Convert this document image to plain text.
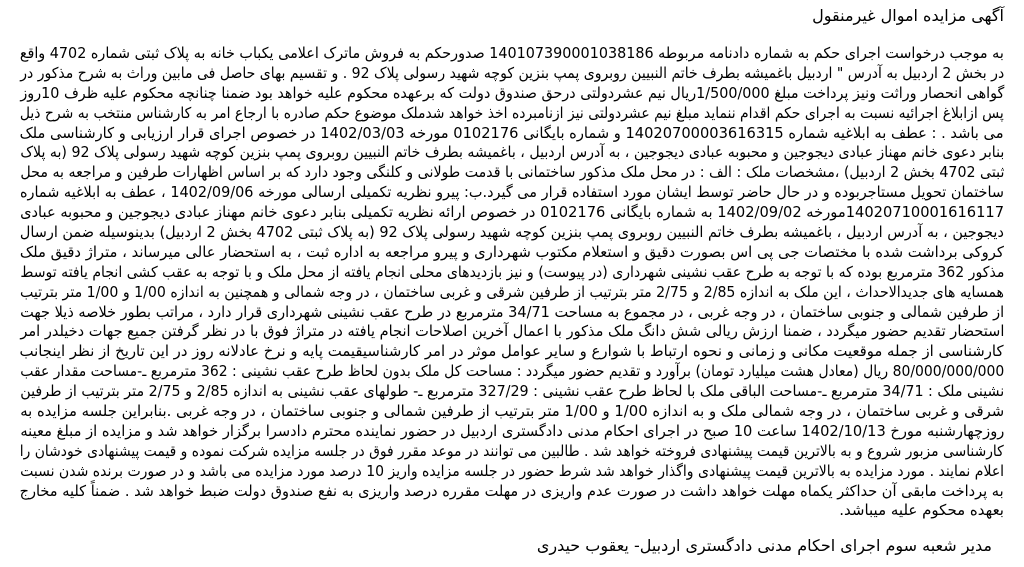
آگهی مزایده اموال غیرمنقول
به موجب درخواست اجرای حکم به شماره دادنامه مربوطه 140107390001038186 صدورحکم به فروش ماترک اعلامی یکباب خانه به پلاک ثبتی شماره 4702 واقع
در بخش 2 اردبیل به آدرس " اردبیل باغمیشه بطرف خاتم النبیین روبروی پمپ بنزین کوچه شهید رسولی پلاک 92 . و تقسیم بهای حاصل فی مابین وراث به شرح مذکور در
گواهی انحصار وراثت ونیز پرداخت مبلغ 1/500/000ریال نیم عشردولتی درحق صندوق دولت که برعهده محکوم علیه خواهد بود ضمنا چنانچه محکوم علیه ظرف 10روز
پس ازابلاغ اجرائیه نسبت به اجرای حکم اقدام ننماید مبلغ نیم عشردولتی نیز ازنامبرده اخذ خواهد شدملک موضوع حکم صادره با ارجاع امر به کارشناس منتخب به شرح ذیل
می باشد . : عطف به ابلاغیه شماره 14020700003616315 و شماره بایگانی 0102176 مورخه 1402/03/03 در خصوص اجرای قرار ارزیابی و کارشناسی ملک
بنابر دعوی خانم مهناز عبادی دیجوجین و محبوبه عبادی دیجوجین ، به آدرس اردبیل ، باغمیشه بطرف خاتم النبیین روبروی پمپ بنزین کوچه شهید رسولی پلاک 92 (به پلاک
ثبتی 4702 بخش 2 اردبیل) ،مشخصات ملک : الف : در محل ملک مذکور ساختمانی با قدمت طولانی و کلنگی وجود دارد که بر اساس اظهارات طرفین و مراجعه به محل
ساختمان تحویل مستاجربوده و در حال حاضر توسط ایشان مورد استفاده قرار می گیرد.ب: پیرو نظریه تکمیلی ارسالی مورخه 1402/09/06 ، عطف به ابلاغیه شماره
14020710001616117مورخه 1402/09/02 به شماره بایگانی 0102176 در خصوص ارائه نظریه تکمیلی بنابر دعوی خانم مهناز عبادی دیجوجین و محبوبه عبادی
دیجوجین ، به آدرس اردبیل ، باغمیشه بطرف خاتم النبیین روبروی پمپ بنزین کوچه شهید رسولی پلاک 92 (به پلاک ثبتی 4702 بخش 2 اردبیل) بدینوسیله ضمن ارسال
کروکی برداشت شده با مختصات جی پی اس بصورت دقیق و استعلام مکتوب شهرداری و پیرو مراجعه به اداره ثبت ، به استحضار عالی میرساند ، متراژ دقیق ملک
مذکور 362 مترمربع بوده که با توجه به طرح عقب نشینی شهرداری (در پیوست) و نیز بازدیدهای محلی انجام یافته از محل ملک و با توجه به عقب کشی انجام یافته توسط
همسایه های جدیدالاحداث ، این ملک به اندازه 2/85 و 2/75 متر بترتیب از طرفین شرقی و غربی ساختمان ، در وجه شمالی و همچنین به اندازه 1/00 و 1/00 متر بترتیب
از طرفین شمالی و جنوبی ساختمان ، در وجه غربی ، در مجموع به مساحت 34/71 مترمربع در طرح عقب نشینی شهرداری قرار دارد ، مراتب بطور خلاصه ذیلا جهت
استحضار تقدیم حضور میگردد ، ضمنا ارزش ریالی شش دانگ ملک مذکور با اعمال آخرین اصلاحات انجام یافته در متراژ فوق با در نظر گرفتن جمیع جهات دخیلدر امر
کارشناسی از جمله موقعیت مکانی و زمانی و نحوه ارتباط با شوارع و سایر عوامل موثر در امر کارشناسیقیمت پایه و نرخ عادلانه روز در این تاریخ از نظر اینجانب
80/000/000/000 ریال (معادل هشت میلیارد تومان) برآورد و تقدیم حضور میگردد : مساحت کل ملک بدون لحاظ طرح عقب نشینی : 362 مترمربع ـ-مساحت مقدار عقب
نشینی ملک : 34/71 مترمربع ـ-مساحت الباقی ملک با لحاظ طرح عقب نشینی : 327/29 مترمربع ـ- طولهای عقب نشینی به اندازه 2/85 و 2/75 متر بترتیب از طرفین
شرقی و غربی ساختمان ، در وجه شمالی ملک و به اندازه 1/00 و 1/00 متر بترتیب از طرفین شمالی و جنوبی ساختمان ، در وجه غربی .بنابراین جلسه مزایده به
روزچهارشنبه مورخ 1402/10/13 ساعت 10 صبح در اجرای احکام مدنی دادگستری اردبیل در حضور نماینده محترم دادسرا برگزار خواهد شد و مزایده از مبلغ معینه
کارشناسی مزبور شروع و به بالاترین قیمت پیشنهادی فروخته خواهد شد . طالبین می توانند در موعد مقرر فوق در جلسه مزایده شرکت نموده و قیمت پیشنهادی خودشان را
اعلام نمایند . مورد مزایده به بالاترین قیمت پیشنهادی واگذار خواهد شد شرط حضور در جلسه مزایده واریز 10 درصد مورد مزایده می باشد و در صورت برنده شدن نسبت
به پرداخت مابقی آن حداکثر یکماه مهلت خواهد داشت در صورت عدم واریزی در مهلت مقرره درصد واریزی به نفع صندوق دولت ضبط خواهد شد . ضمناً کلیه مخارج
بعهده محکوم علیه میباشد.
مدیر شعبه سوم اجرای احکام مدنی دادگستری اردبیل- یعقوب حیدری
